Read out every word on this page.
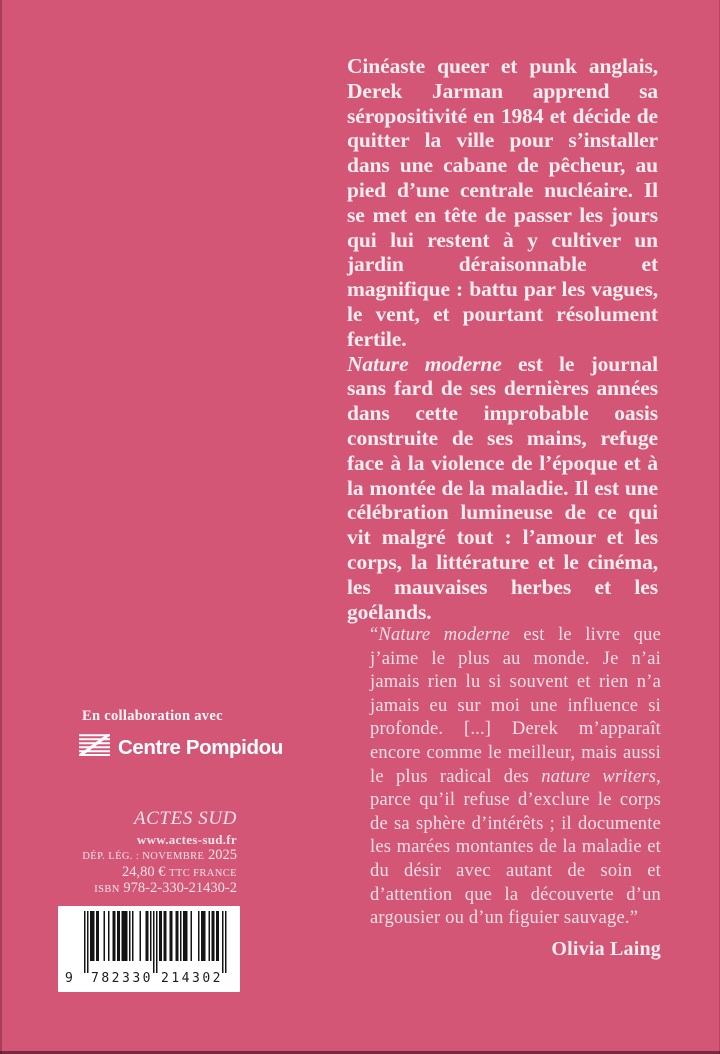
Cinéaste queer et punk anglais, Derek Jarman apprend sa séropositivité en 1984 et décide de quitter la ville pour s’installer dans une cabane de pêcheur, au pied d’une centrale nucléaire. Il se met en tête de passer les jours qui lui restent à y cultiver un jardin déraisonnable et magnifique : battu par les vagues, le vent, et pourtant résolument fertile.

Nature moderne est le journal sans fard de ses dernières années dans cette improbable oasis construite de ses mains, refuge face à la violence de l’époque et à la montée de la maladie. Il est une célébration lumineuse de ce qui vit malgré tout : l’amour et les corps, la littérature et le cinéma, les mauvaises herbes et les goélands.

“Nature moderne est le livre que j’aime le plus au monde. Je n’ai jamais rien lu si souvent et rien n’a jamais eu sur moi une influence si profonde. [...] Derek m’apparaît encore comme le meilleur, mais aussi le plus radical des nature writers, parce qu’il refuse d’exclure le corps de sa sphère d’intérêts ; il documente les marées montantes de la maladie et du désir avec autant de soin et d’attention que la découverte d’un argousier ou d’un figuier sauvage.”

Olivia Laing
En collaboration avec
Centre Pompidou
ACTES SUD
www.actes-sud.fr
DÉP. LÉG. : NOVEMBRE 2025
24,80 € TTC FRANCE
ISBN 978-2-330-21430-2
9 782330 214302
